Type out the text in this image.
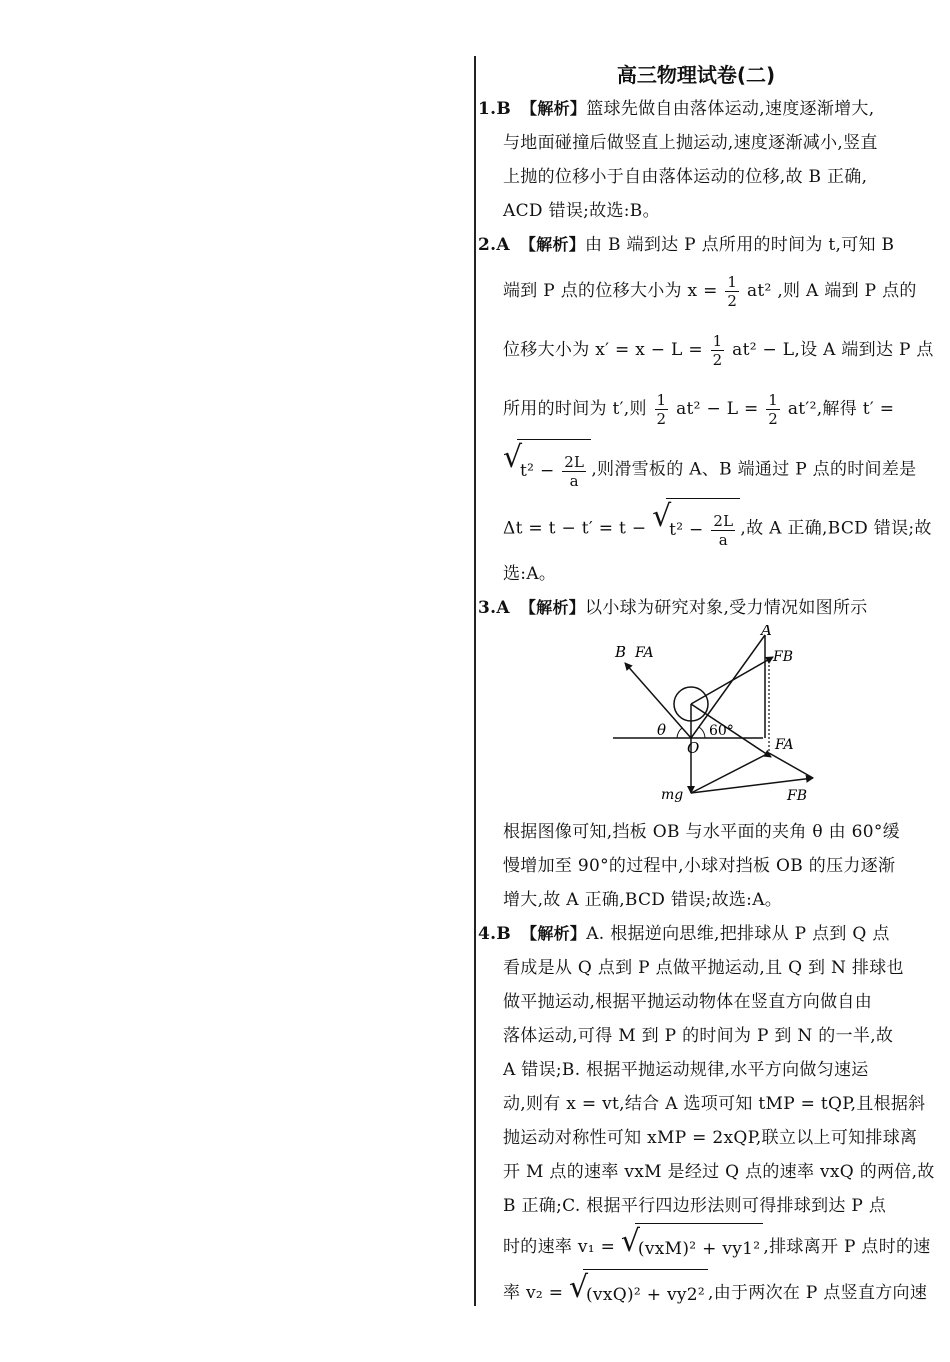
高三物理试卷(二)
1.B 【解析】篮球先做自由落体运动,速度逐渐增大,
与地面碰撞后做竖直上抛运动,速度逐渐减小,竖直
上抛的位移小于自由落体运动的位移,故 B 正确,
ACD 错误;故选:B。
2.A 【解析】由 B 端到达 P 点所用的时间为 t,可知 B
端到 P 点的位移大小为 $x = \frac{1}{2} at^2$ ,则 A 端到 P 点的
位移大小为 $x' = x - L = \frac{1}{2} at^2 - L$,设 A 端到达 P 点
所用的时间为 t′,则 $\frac{1}{2} at^2 - L = \frac{1}{2} at'^2$,解得 t′ =
√
$t^2 - \frac{2L}{a}$ ,则滑雪板的 A、B 端通过 P 点的时间差是
Δt = t − t′ = t − √
$t^2 - \frac{2L}{a}$ ,故 A 正确,BCD 错误;故
选:A。
3.A 【解析】以小球为研究对象,受力情况如图所示
A
B FA	FB
θ	60°
O	FA
mg	FB
根据图像可知,挡板 OB 与水平面的夹角 θ 由 60°缓
慢增加至 90°的过程中,小球对挡板 OB 的压力逐渐
增大,故 A 正确,BCD 错误;故选:A。
4.B 【解析】A. 根据逆向思维,把排球从 P 点到 Q 点
看成是从 Q 点到 P 点做平抛运动,且 Q 到 N 排球也
做平抛运动,根据平抛运动物体在竖直方向做自由
落体运动,可得 M 到 P 的时间为 P 到 N 的一半,故
A 错误;B. 根据平抛运动规律,水平方向做匀速运
动,则有 x = vt,结合 A 选项可知 tMP = tQP,且根据斜
抛运动对称性可知 xMP = 2xQP,联立以上可知排球离
开 M 点的速率 vxM 是经过 Q 点的速率 vxQ 的两倍,故
B 正确;C. 根据平行四边形法则可得排球到达 P 点
时的速率 v₁ = √
(vxM)² + vy1² ,排球离开 P 点时的速
率 v₂ = √
(vxQ)² + vy2² ,由于两次在 P 点竖直方向速
